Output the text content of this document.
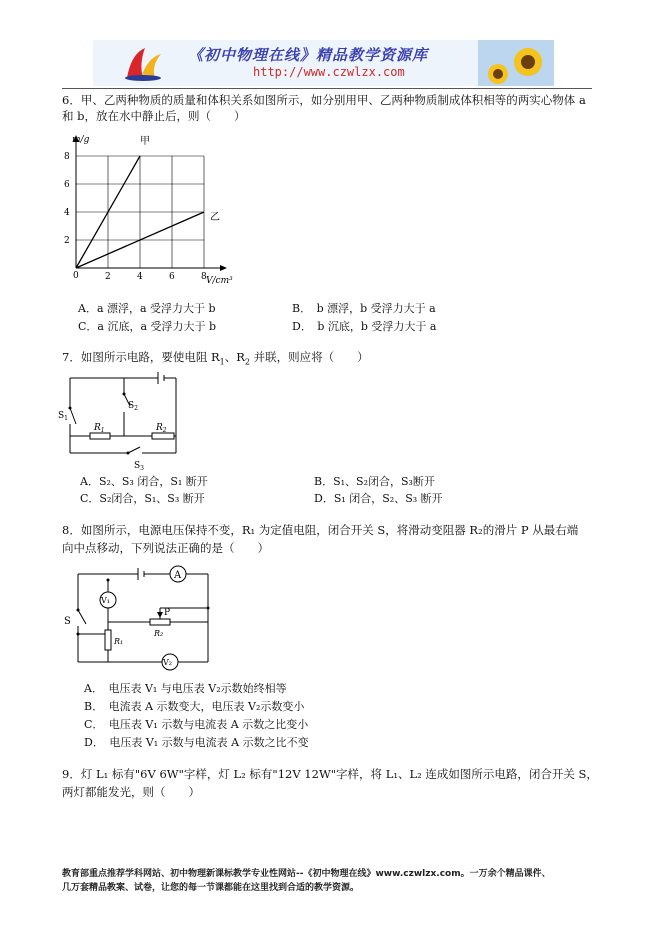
《初中物理在线》精品教学资源库
http://www.czwlzx.com
6．甲、乙两种物质的质量和体积关系如图所示，如分别用甲、乙两种物质制成体积相等的两实心物体 a
和 b，放在水中静止后，则（　　）
m/g
V/cm³
0	2
2
4
4
6
6
8
8
甲
乙
A．a 漂浮，a 受浮力大于 b	B．　b 漂浮，b 受浮力大于 a
C．a 沉底，a 受浮力大于 b	D．　b 沉底，b 受浮力大于 a
7．如图所示电路，要使电阻 $R_1$、$R_2$ 并联，则应将（　　）
$S_1$
$S_2$
$S_3$
$R_1$	$R_2$
A．S₂、S₃ 闭合，S₁ 断开	B．S₁、S₂闭合，S₃断开
C．S₂闭合，S₁、S₃ 断开	D．S₁ 闭合，S₂、S₃ 断开
8．如图所示，电源电压保持不变，R₁ 为定值电阻，闭合开关 S，将滑动变阻器 R₂的滑片 P 从最右端
向中点移动，下列说法正确的是（　　）
A
V₁
V₂
S
P
R₂
R₁
A．　电压表 V₁ 与电压表 V₂示数始终相等
B．　电流表 A 示数变大，电压表 V₂示数变小
C．　电压表 V₁ 示数与电流表 A 示数之比变小
D．　电压表 V₁ 示数与电流表 A 示数之比不变
9．灯 L₁ 标有"6V 6W"字样，灯 L₂ 标有"12V 12W"字样，将 L₁、L₂ 连成如图所示电路，闭合开关 S，
两灯都能发光，则（　　）
教育部重点推荐学科网站、初中物理新课标教学专业性网站--《初中物理在线》www.czwlzx.com。一万余个精品课件、
几万套精品教案、试卷，让您的每一节课都能在这里找到合适的教学资源。
